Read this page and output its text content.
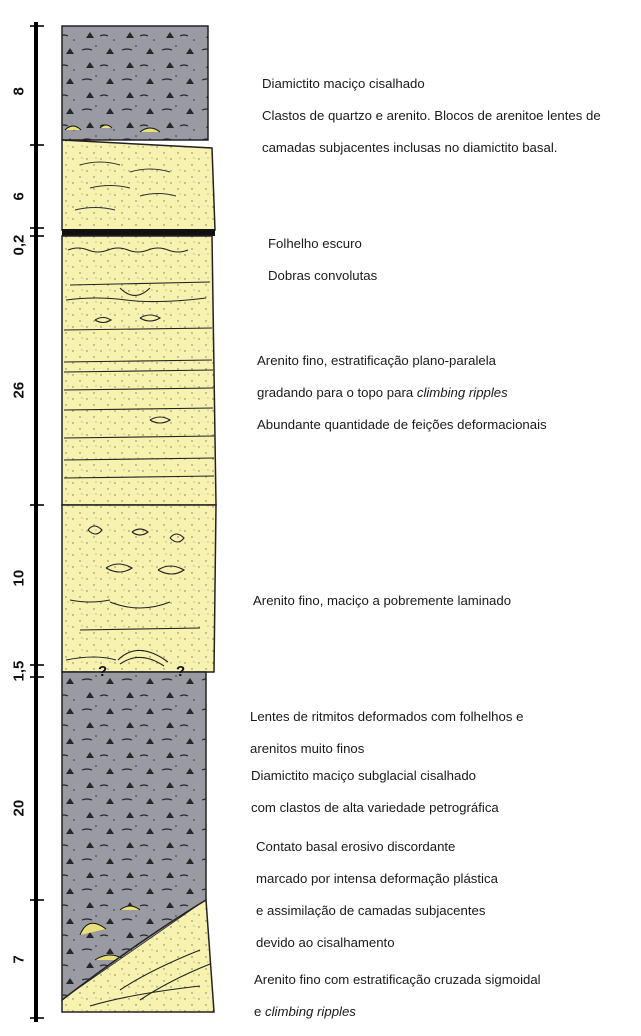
?	?
8
6
0,2
26
10
1,5
20
7

Diamictito maciço cisalhado

Clastos de quartzo e arenito. Blocos de arenitoe lentes de

camadas subjacentes inclusas no diamictito basal.

Folhelho escuro

Dobras convolutas

Arenito fino, estratificação plano-paralela

gradando para o topo para climbing ripples

Abundante quantidade de feições deformacionais

Arenito fino, maciço a pobremente laminado

Lentes de ritmitos deformados com folhelhos e

arenitos muito finos

Diamictito maciço subglacial cisalhado

com clastos de alta variedade petrográfica

Contato basal erosivo discordante

marcado por intensa deformação plástica

e assimilação de camadas subjacentes

devido ao cisalhamento

Arenito fino com estratificação cruzada sigmoidal

e climbing ripples
